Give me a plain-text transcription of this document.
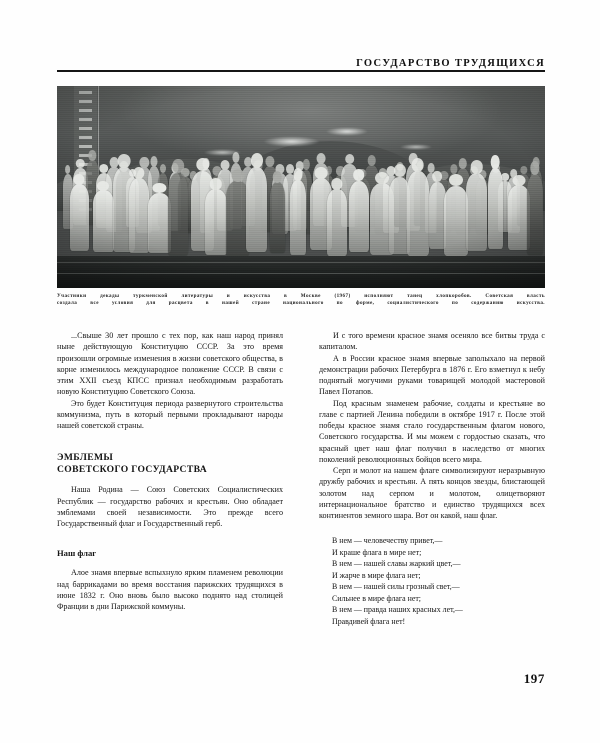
ГОСУДАРСТВО ТРУДЯЩИХСЯ
Участники декады туркменской литературы и искусства в Москве (1967) исполняют танец хлопкоробов. Советская власть
создала все условия для расцвета в нашей стране национального по форме, социалистического по содержанию искусства.

...Свыше 30 лет прошло с тех пор, как наш народ принял ныне действующую Конституцию СССР. За это время произошли огромные изменения в жизни советского общества, в корне изменилось международное положение СССР. В связи с этим XXII съезд КПСС признал необходимым разработать новую Конституцию Советского Союза.

Это будет Конституция периода развернутого строительства коммунизма, путь в который первыми прокладывают народы нашей советской страны.

ЭМБЛЕМЫ
СОВЕТСКОГО ГОСУДАРСТВА

Наша Родина — Союз Советских Социалистических Республик — государство рабочих и крестьян. Оно обладает эмблемами своей независимости. Это прежде всего Государственный флаг и Государственный герб.

Наш флаг

Алое знамя впервые вспыхнуло ярким пламенем революции над баррикадами во время восстания парижских трудящихся в июне 1832 г. Оно вновь было высоко поднято над столицей Франции в дни Парижской коммуны.

И с того времени красное знамя осеняло все битвы труда с капиталом.

А в России красное знамя впервые заполыхало на первой демонстрации рабочих Петербурга в 1876 г. Его взметнул к небу поднятый могучими руками товарищей молодой мастеровой Павел Потапов.

Под красным знаменем рабочие, солдаты и крестьяне во главе с партией Ленина победили в октябре 1917 г. После этой победы красное знамя стало государственным флагом нового, Советского государства. И мы можем с гордостью сказать, что красный цвет наш флаг получил в наследство от многих поколений революционных бойцов всего мира.

Серп и молот на нашем флаге символизируют неразрывную дружбу рабочих и крестьян. А пять концов звезды, блистающей золотом над серпом и молотом, олицетворяют интернациональное братство и единство трудящихся всех континентов земного шара. Вот он какой, наш флаг.

В нем — человечеству привет,—
И краше флага в мире нет;
В нем — нашей славы жаркий цвет,—
И жарче в мире флага нет;
В нем — нашей силы грозный свет,—
Сильнее в мире флага нет;
В нем — правда наших красных лет,—
Правдивей флага нет!
197
